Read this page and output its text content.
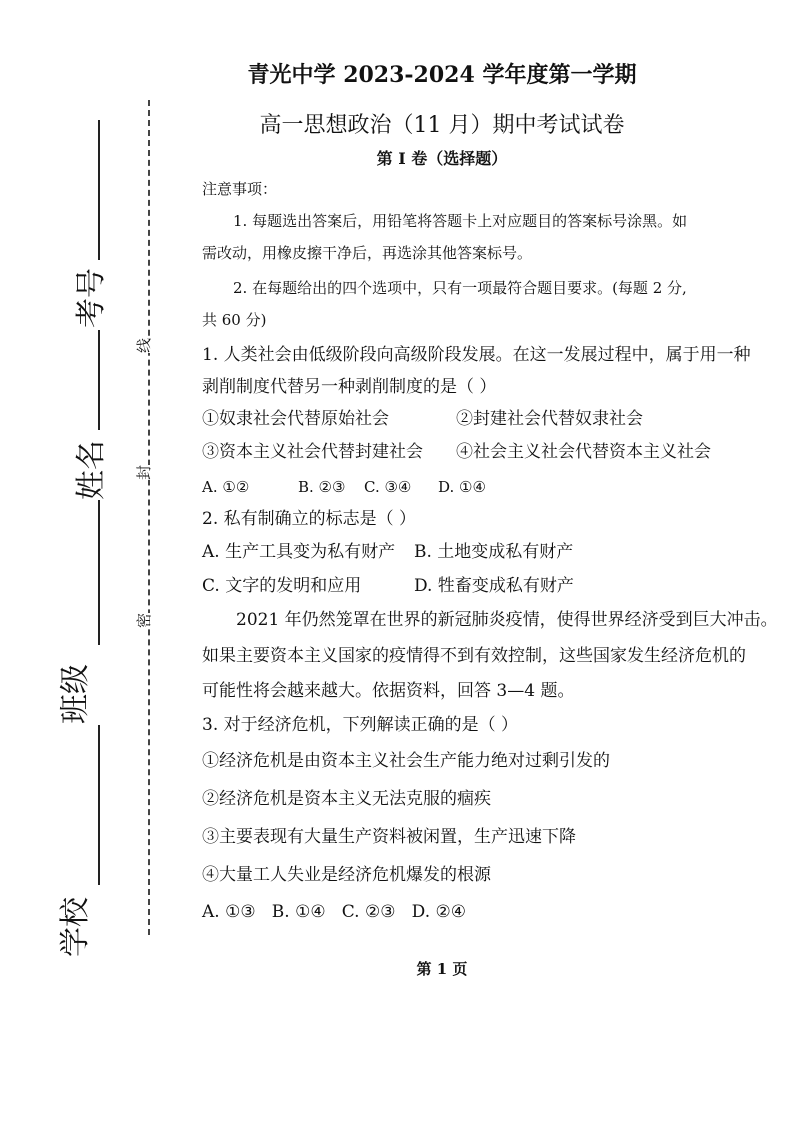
考号
姓名
班级
学校
线
封
密
青光中学 2023-2024 学年度第一学期
高一思想政治（11 月）期中考试试卷
第 I 卷（选择题）
注意事项：
1. 每题选出答案后，用铅笔将答题卡上对应题目的答案标号涂黑。如
需改动，用橡皮擦干净后，再选涂其他答案标号。
2. 在每题给出的四个选项中，只有一项最符合题目要求。(每题 2 分,
共 60 分)
1. 人类社会由低级阶段向高级阶段发展。在这一发展过程中，属于用一种
剥削制度代替另一种剥削制度的是（ ）
①奴隶社会代替原始社会	②封建社会代替奴隶社会
③资本主义社会代替封建社会 ④社会主义社会代替资本主义社会
A. ①②	B. ②③ C. ③④ D. ①④
2. 私有制确立的标志是（ ）
A. 生产工具变为私有财产 B. 土地变成私有财产
C. 文字的发明和应用	D. 牲畜变成私有财产
2021 年仍然笼罩在世界的新冠肺炎疫情，使得世界经济受到巨大冲击。
如果主要资本主义国家的疫情得不到有效控制，这些国家发生经济危机的
可能性将会越来越大。依据资料，回答 3—4 题。
3. 对于经济危机，下列解读正确的是（ ）
①经济危机是由资本主义社会生产能力绝对过剩引发的
②经济危机是资本主义无法克服的痼疾
③主要表现有大量生产资料被闲置，生产迅速下降
④大量工人失业是经济危机爆发的根源
A. ①③   B. ①④   C. ②③   D. ②④
第 1 页
